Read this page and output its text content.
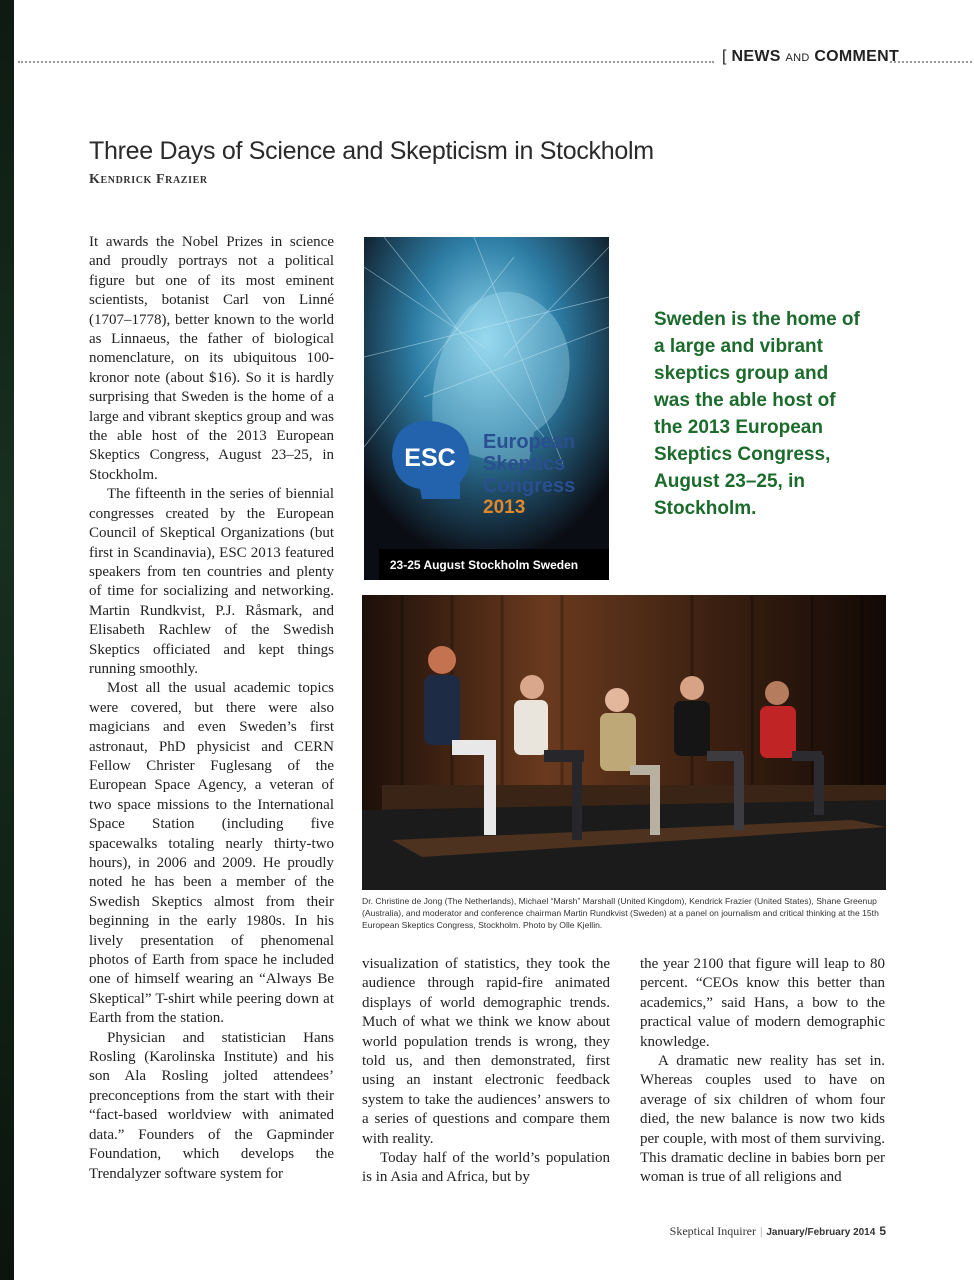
[ NEWS AND COMMENT
Three Days of Science and Skepticism in Stockholm
Kendrick Frazier

It awards the Nobel Prizes in science and proudly portrays not a political figure but one of its most eminent scientists, botanist Carl von Linné (1707–1778), better known to the world as Linnaeus, the father of biological nomenclature, on its ubiquitous 100-kronor note (about $16). So it is hardly surprising that Sweden is the home of a large and vibrant skeptics group and was the able host of the 2013 European Skeptics Congress, August 23–25, in Stockholm.

The fifteenth in the series of biennial congresses created by the European Council of Skeptical Organizations (but first in Scandinavia), ESC 2013 featured speakers from ten countries and plenty of time for socializing and networking. Martin Rundkvist, P.J. Råsmark, and Elisabeth Rachlew of the Swedish Skeptics officiated and kept things running smoothly.

Most all the usual academic topics were covered, but there were also magicians and even Sweden’s first astronaut, PhD physicist and CERN Fellow Christer Fuglesang of the European Space Agency, a veteran of two space missions to the International Space Station (including five spacewalks totaling nearly thirty-two hours), in 2006 and 2009. He proudly noted he has been a member of the Swedish Skeptics almost from their beginning in the early 1980s. In his lively presentation of phenomenal photos of Earth from space he included one of himself wearing an “Always Be Skeptical” T-shirt while peering down at Earth from the station.

Physician and statistician Hans Rosling (Karolinska Institute) and his son Ala Rosling jolted attendees’ preconceptions from the start with their “fact-based worldview with animated data.” Founders of the Gapminder Foundation, which develops the Trendalyzer software system for

ESC
European
Skeptics
Congress
2013
23-25 August Stockholm Sweden

Sweden is the home of a large and vibrant skeptics group and was the able host of the 2013 European Skeptics Congress, August 23–25, in Stockholm.

Dr. Christine de Jong (The Netherlands), Michael “Marsh” Marshall (United Kingdom), Kendrick Frazier (United States), Shane Greenup (Australia), and moderator and conference chairman Martin Rundkvist (Sweden) at a panel on journalism and critical thinking at the 15th European Skeptics Congress, Stockholm. Photo by Olle Kjellin.

visualization of statistics, they took the audience through rapid-fire animated displays of world demographic trends. Much of what we think we know about world population trends is wrong, they told us, and then demonstrated, first using an instant electronic feedback system to take the audiences’ answers to a series of questions and compare them with reality.

Today half of the world’s population is in Asia and Africa, but by

the year 2100 that figure will leap to 80 percent. “CEOs know this better than academics,” said Hans, a bow to the practical value of modern demographic knowledge.

A dramatic new reality has set in. Whereas couples used to have on average of six children of whom four died, the new balance is now two kids per couple, with most of them surviving. This dramatic decline in babies born per woman is true of all religions and

Skeptical Inquirer | January/February 2014 5
